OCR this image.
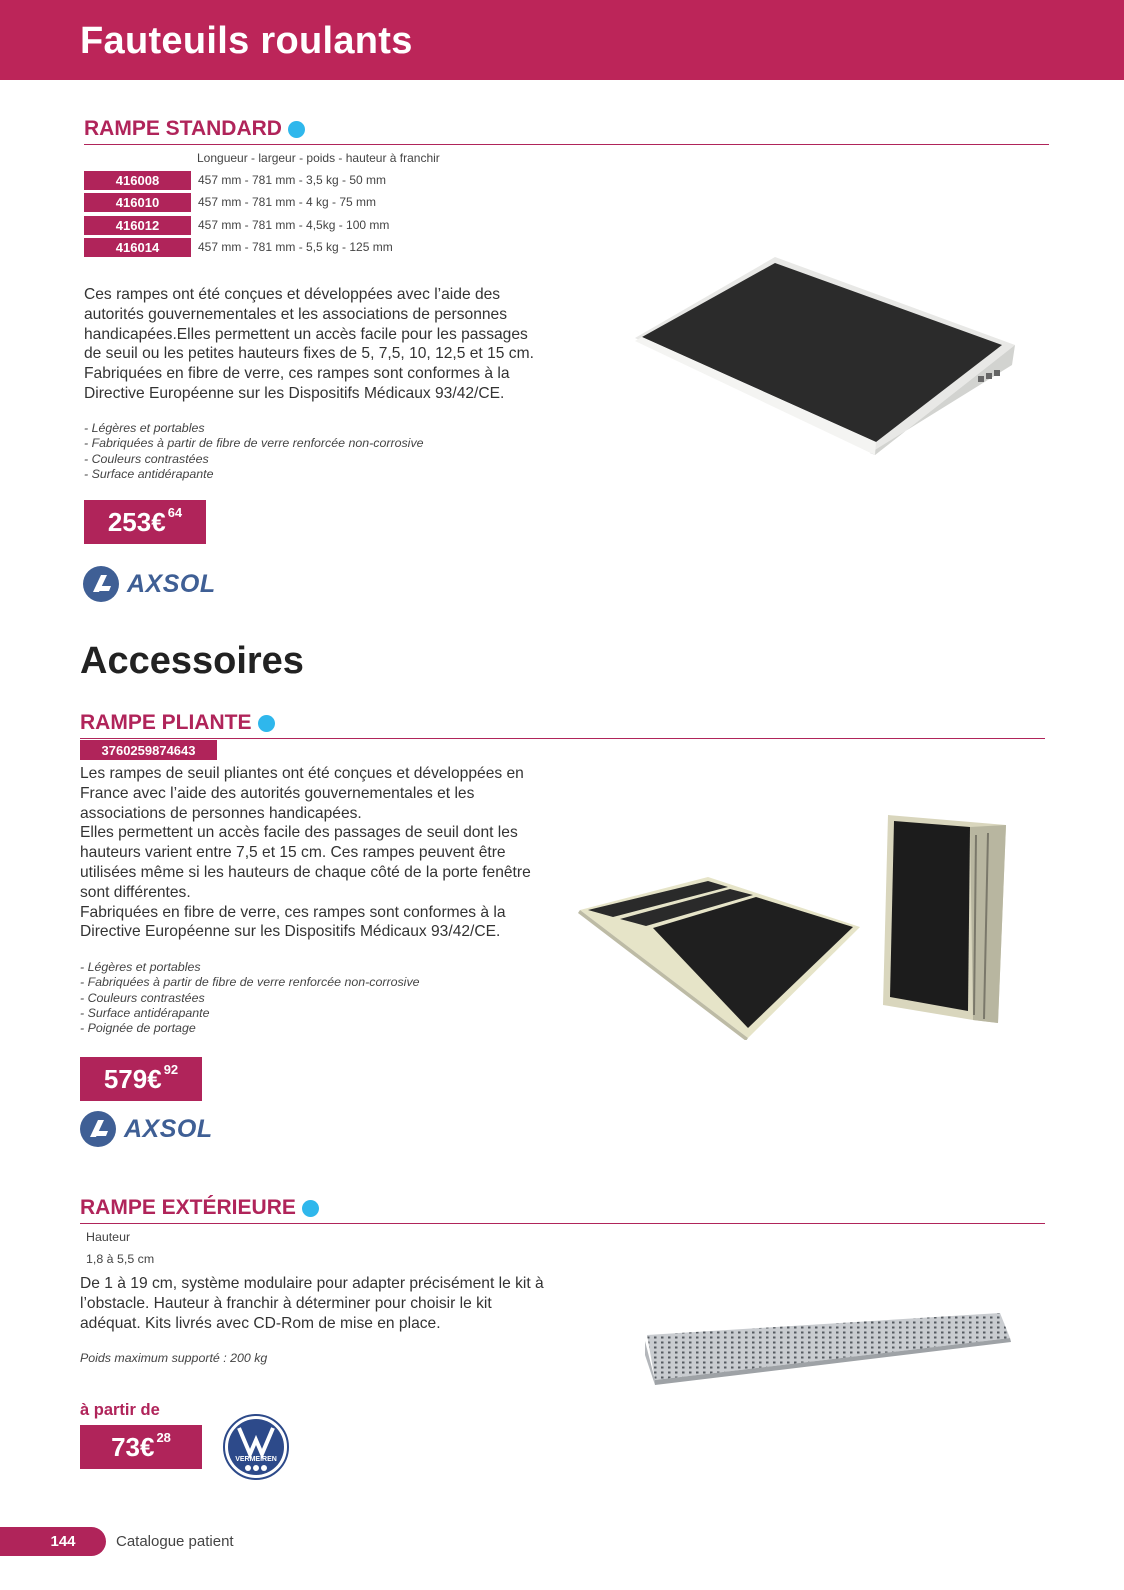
Fauteuils roulants
RAMPE STANDARD
Longueur - largeur - poids - hauteur à franchir
416008	457 mm - 781 mm - 3,5 kg - 50 mm
416010	457 mm - 781 mm - 4 kg - 75 mm
416012	457 mm - 781 mm - 4,5kg - 100 mm
416014	457 mm - 781 mm - 5,5 kg - 125 mm
Ces rampes ont été conçues et développées avec l’aide des autorités gouvernementales et les associations de personnes handicapées.Elles permettent un accès facile pour les passages de seuil ou les petites hauteurs fixes de 5, 7,5, 10, 12,5 et 15 cm. Fabriquées en fibre de verre, ces rampes sont conformes à la Directive Européenne sur les Dispositifs Médicaux 93/42/CE.
- Légères et portables
- Fabriquées à partir de fibre de verre renforcée non-corrosive
- Couleurs contrastées
- Surface antidérapante
253€ 64
AXSOL
Accessoires
RAMPE PLIANTE
3760259874643
Les rampes de seuil pliantes ont été conçues et développées en France avec l’aide des autorités gouvernementales et les associations de personnes handicapées.
Elles permettent un accès facile des passages de seuil dont les hauteurs varient entre 7,5 et 15 cm. Ces rampes peuvent être utilisées même si les hauteurs de chaque côté de la porte fenêtre sont différentes.
Fabriquées en fibre de verre, ces rampes sont conformes à la Directive Européenne sur les Dispositifs Médicaux 93/42/CE.
- Légères et portables
- Fabriquées à partir de fibre de verre renforcée non-corrosive
- Couleurs contrastées
- Surface antidérapante
- Poignée de portage
579€ 92
AXSOL
RAMPE EXTÉRIEURE
Hauteur
1,8 à 5,5 cm
De 1 à 19 cm, système modulaire pour adapter précisément le kit à l’obstacle. Hauteur à franchir à déterminer pour choisir le kit adéquat. Kits livrés avec CD-Rom de mise en place.
Poids maximum supporté : 200 kg
à partir de
73€ 28
VERMEIREN
144	Catalogue patient
